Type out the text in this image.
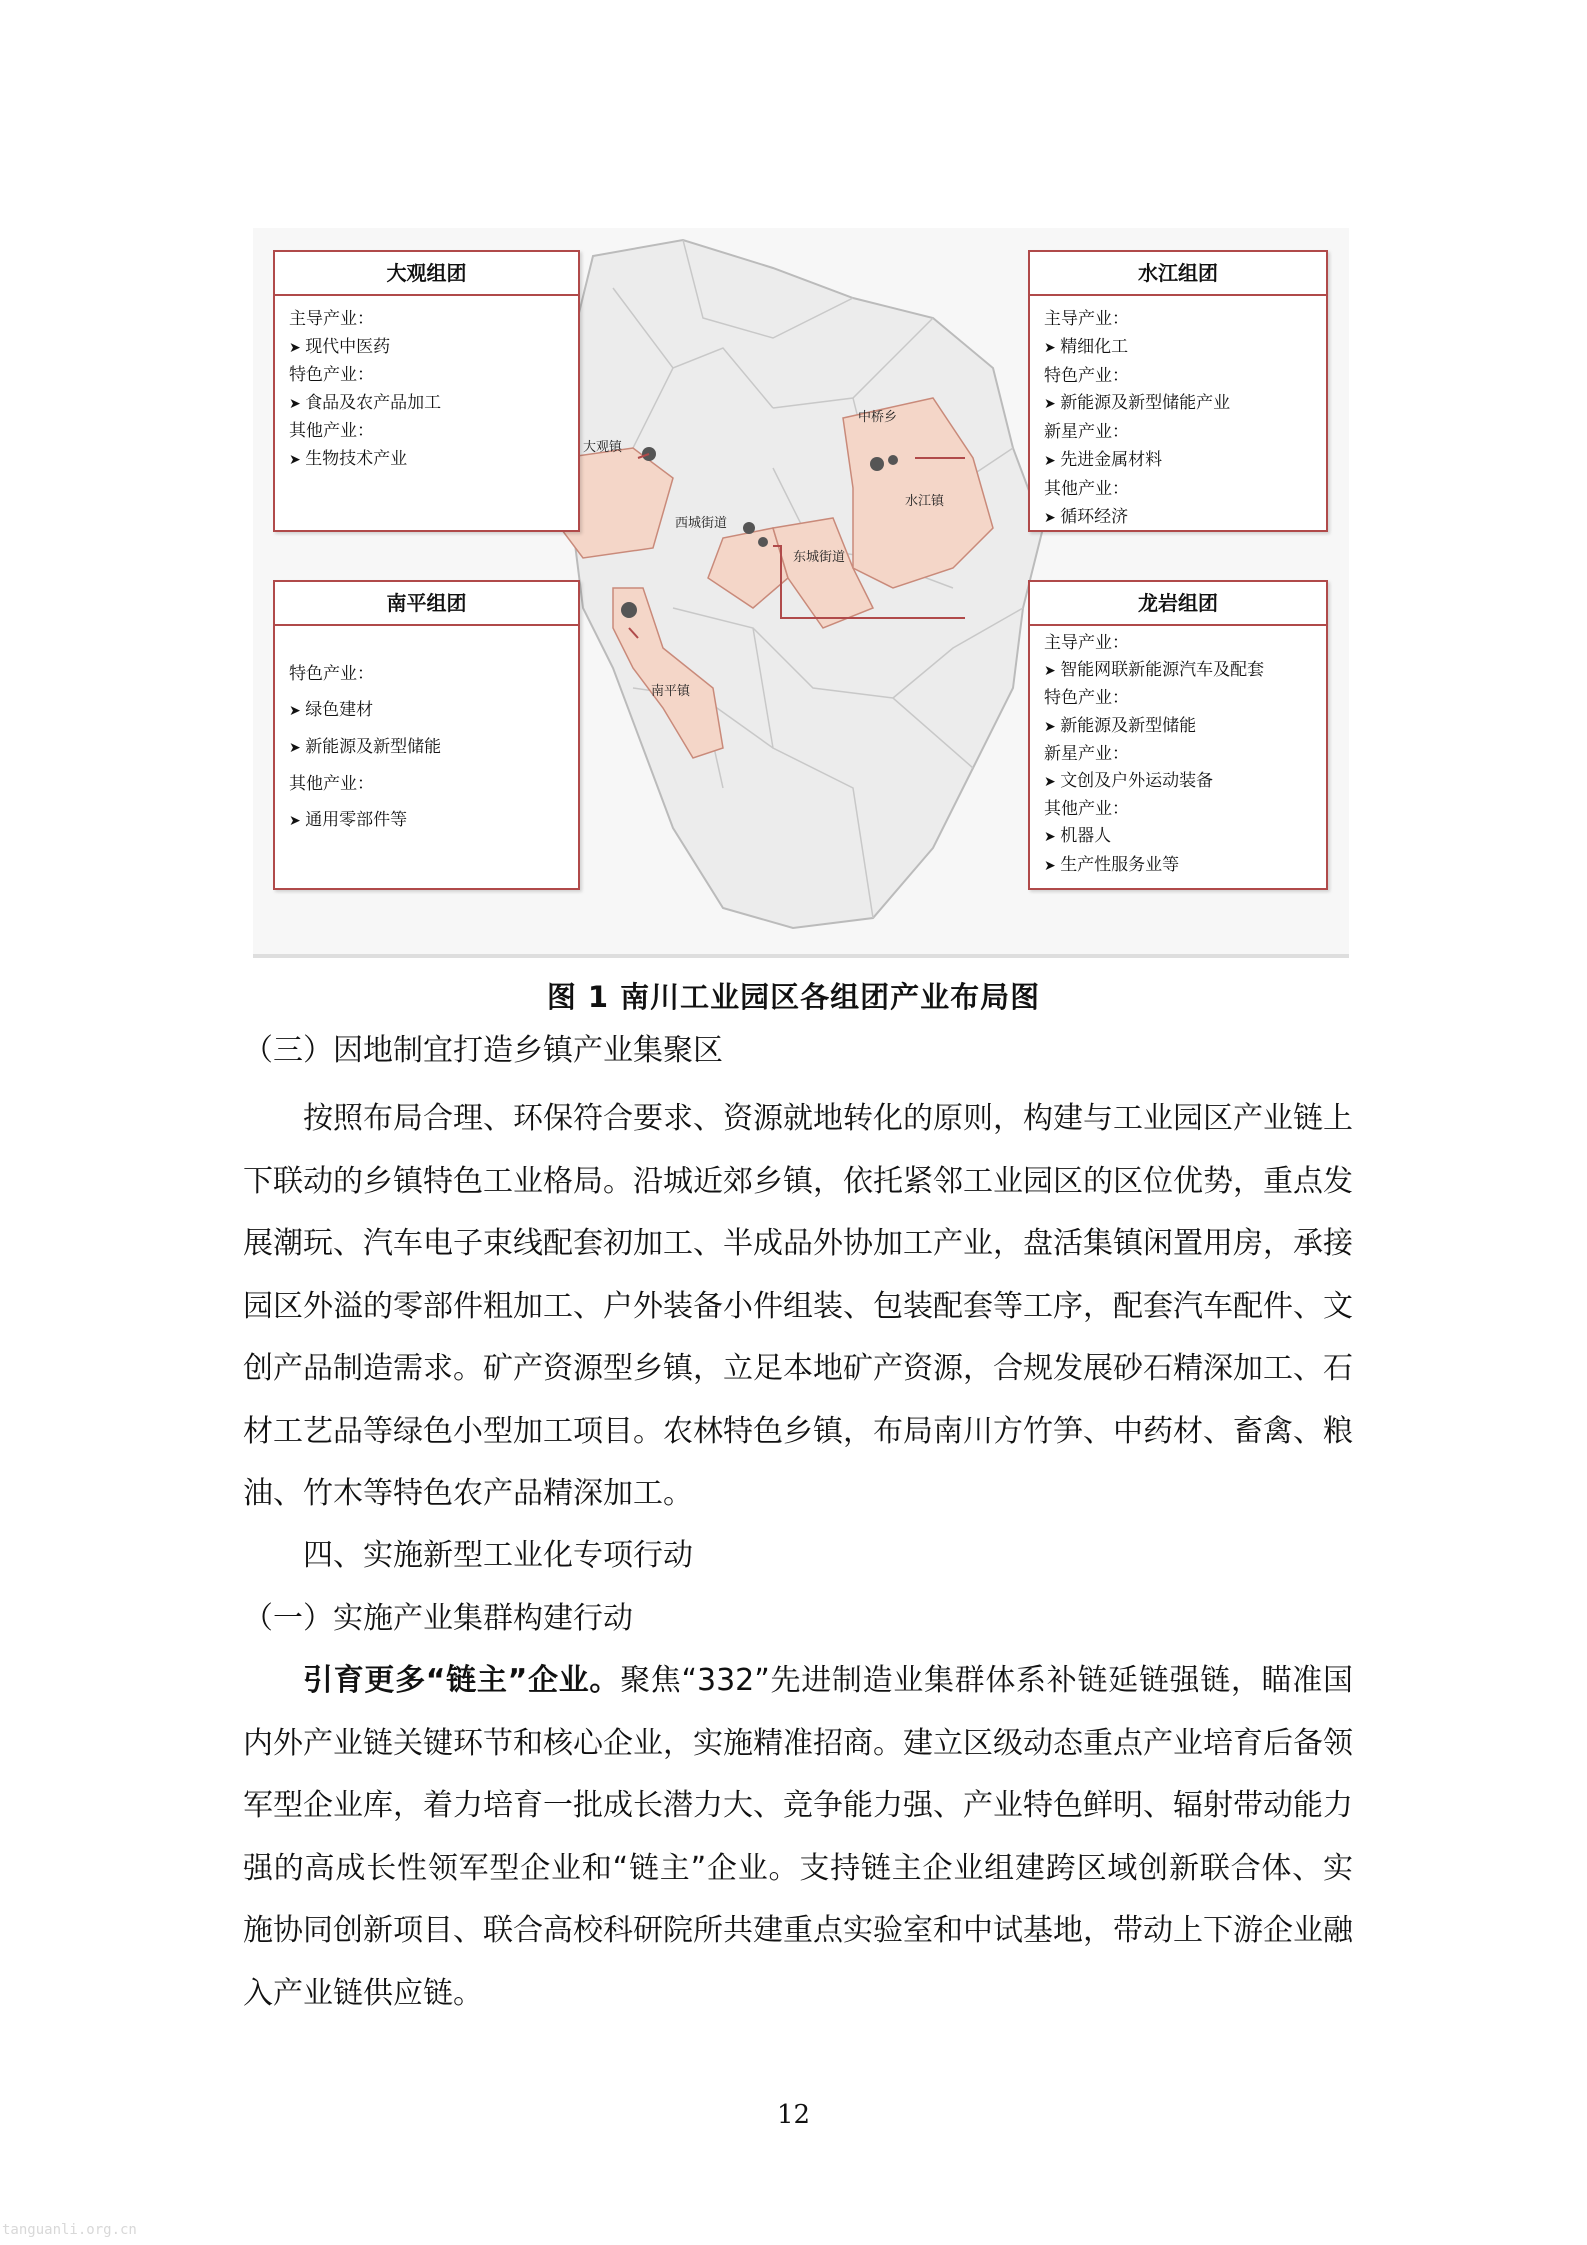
大观镇
中桥乡
水江镇
西城街道
东城街道
南平镇
大观组团
主导产业：
➤ 现代中医药
特色产业：
➤ 食品及农产品加工
其他产业：
➤ 生物技术产业
水江组团
主导产业：
➤ 精细化工
特色产业：
➤ 新能源及新型储能产业
新星产业：
➤ 先进金属材料
其他产业：
➤ 循环经济
南平组团
特色产业：
➤ 绿色建材
➤ 新能源及新型储能
其他产业：
➤ 通用零部件等
龙岩组团
主导产业：
➤ 智能网联新能源汽车及配套
特色产业：
➤ 新能源及新型储能
新星产业：
➤ 文创及户外运动装备
其他产业：
➤ 机器人
➤ 生产性服务业等
图 1 南川工业园区各组团产业布局图
（三）因地制宜打造乡镇产业集聚区
按照布局合理、环保符合要求、资源就地转化的原则，构建与工业园区产业链上下联动的乡镇特色工业格局。沿城近郊乡镇，依托紧邻工业园区的区位优势，重点发展潮玩、汽车电子束线配套初加工、半成品外协加工产业，盘活集镇闲置用房，承接园区外溢的零部件粗加工、户外装备小件组装、包装配套等工序，配套汽车配件、文创产品制造需求。矿产资源型乡镇，立足本地矿产资源，合规发展砂石精深加工、石材工艺品等绿色小型加工项目。农林特色乡镇，布局南川方竹笋、中药材、畜禽、粮油、竹木等特色农产品精深加工。
四、实施新型工业化专项行动
（一）实施产业集群构建行动
引育更多“链主”企业。聚焦“332”先进制造业集群体系补链延链强链，瞄准国内外产业链关键环节和核心企业，实施精准招商。建立区级动态重点产业培育后备领军型企业库，着力培育一批成长潜力大、竞争能力强、产业特色鲜明、辐射带动能力强的高成长性领军型企业和“链主”企业。支持链主企业组建跨区域创新联合体、实施协同创新项目、联合高校科研院所共建重点实验室和中试基地，带动上下游企业融入产业链供应链。
12
tanguanli.org.cn
